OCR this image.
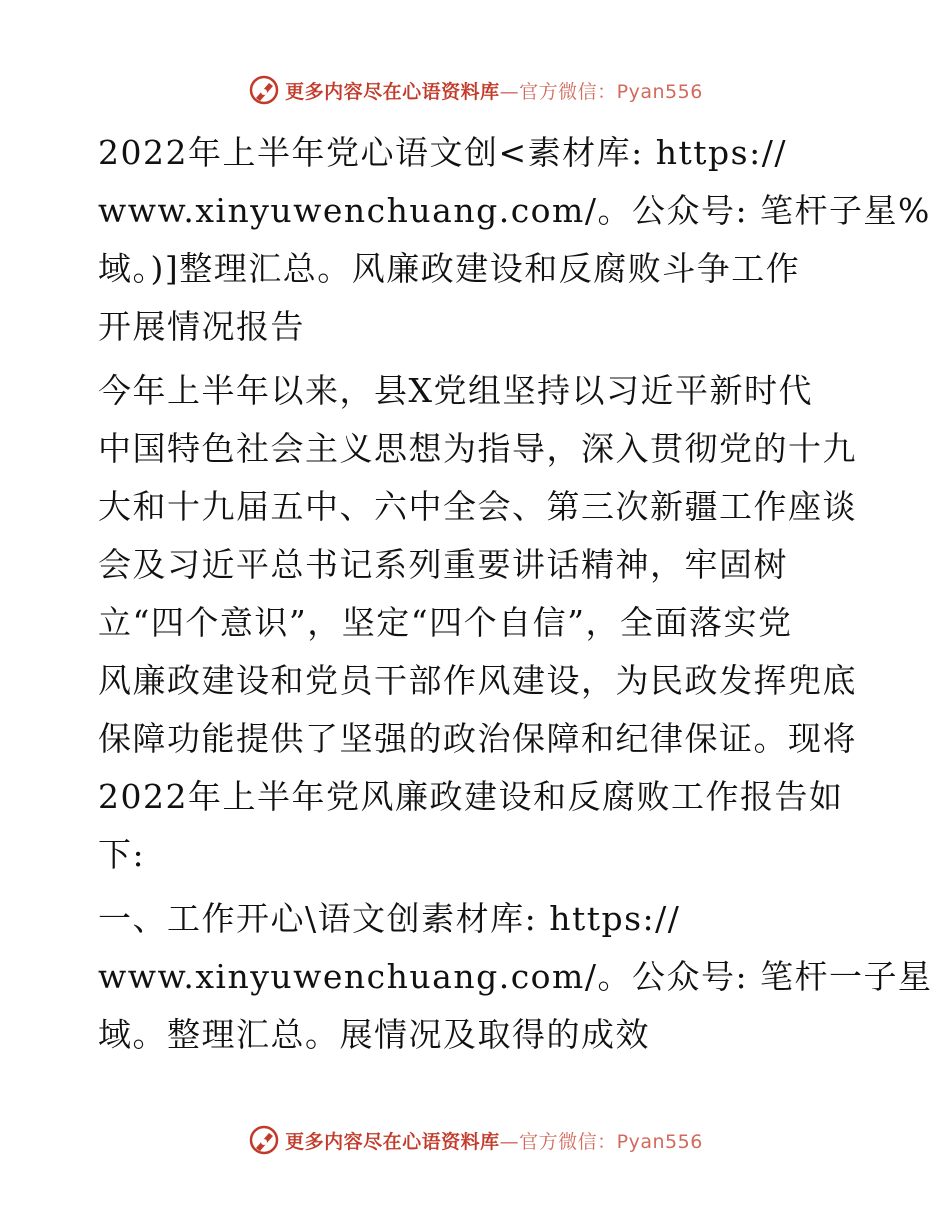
更多内容尽在心语资料库—官方微信：Pyan556
2022年上半年党心语文创<素材库: https://
www.xinyuwenchuang.com/。公众号: 笔杆子星%
域。)]整理汇总。风廉政建设和反腐败斗争工作
开展情况报告
今年上半年以来，县X党组坚持以习近平新时代
中国特色社会主义思想为指导，深入贯彻党的十九
大和十九届五中、六中全会、第三次新疆工作座谈
会及习近平总书记系列重要讲话精神，牢固树
立“四个意识”，坚定“四个自信”，全面落实党
风廉政建设和党员干部作风建设，为民政发挥兜底
保障功能提供了坚强的政治保障和纪律保证。现将
2022年上半年党风廉政建设和反腐败工作报告如
下:
一、工作开心\语文创素材库: https://
www.xinyuwenchuang.com/。公众号: 笔杆一子星
域。整理汇总。展情况及取得的成效
更多内容尽在心语资料库—官方微信：Pyan556
